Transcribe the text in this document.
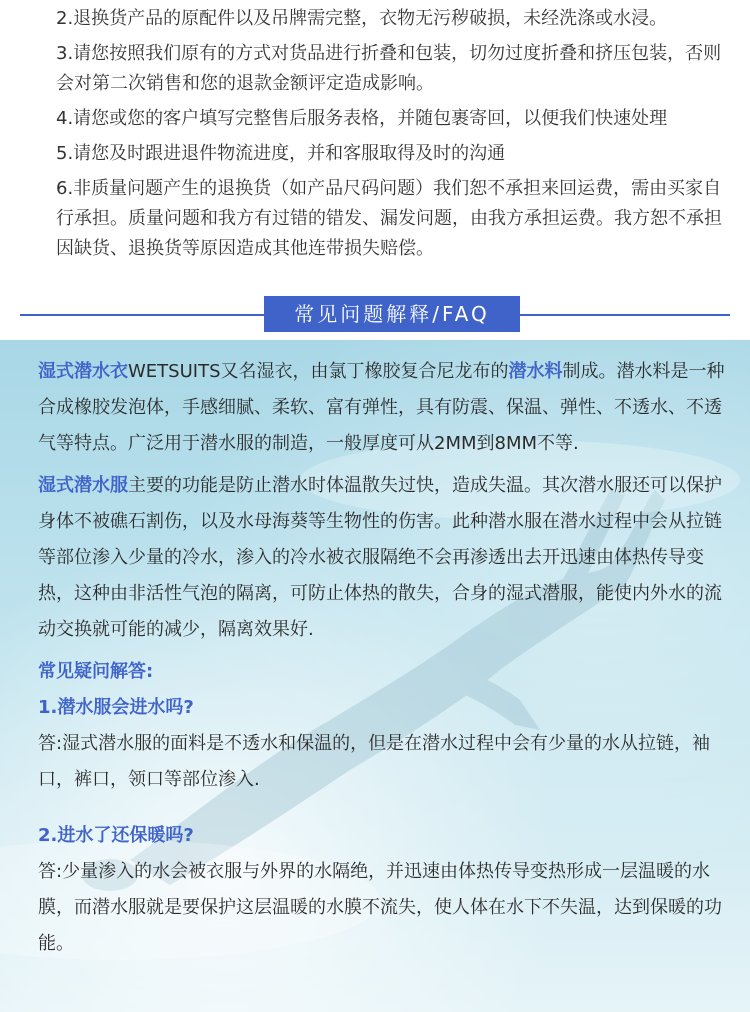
2.退换货产品的原配件以及吊牌需完整，衣物无污秽破损，未经洗涤或水浸。
3.请您按照我们原有的方式对货品进行折叠和包装，切勿过度折叠和挤压包装，否则会对第二次销售和您的退款金额评定造成影响。
4.请您或您的客户填写完整售后服务表格，并随包裹寄回，以便我们快速处理
5.请您及时跟进退件物流进度，并和客服取得及时的沟通
6.非质量问题产生的退换货（如产品尺码问题）我们恕不承担来回运费，需由买家自行承担。质量问题和我方有过错的错发、漏发问题，由我方承担运费。我方恕不承担因缺货、退换货等原因造成其他连带损失赔偿。
常见问题解释/FAQ

湿式潜水衣WETSUITS又名湿衣，由氯丁橡胶复合尼龙布的潜水料制成。潜水料是一种合成橡胶发泡体，手感细腻、柔软、富有弹性，具有防震、保温、弹性、不透水、不透气等特点。广泛用于潜水服的制造，一般厚度可从2MM到8MM不等.

湿式潜水服主要的功能是防止潜水时体温散失过快，造成失温。其次潜水服还可以保护身体不被礁石割伤，以及水母海葵等生物性的伤害。此种潜水服在潜水过程中会从拉链等部位渗入少量的冷水，渗入的冷水被衣服隔绝不会再渗透出去开迅速由体热传导变热，这种由非活性气泡的隔离，可防止体热的散失，合身的湿式潜服，能使内外水的流动交换就可能的减少，隔离效果好.

常见疑问解答:

1.潜水服会进水吗?

答:湿式潜水服的面料是不透水和保温的，但是在潜水过程中会有少量的水从拉链，袖口，裤口，领口等部位渗入.

2.进水了还保暖吗?

答:少量渗入的水会被衣服与外界的水隔绝，并迅速由体热传导变热形成一层温暖的水膜，而潜水服就是要保护这层温暖的水膜不流失，使人体在水下不失温，达到保暖的功能。
